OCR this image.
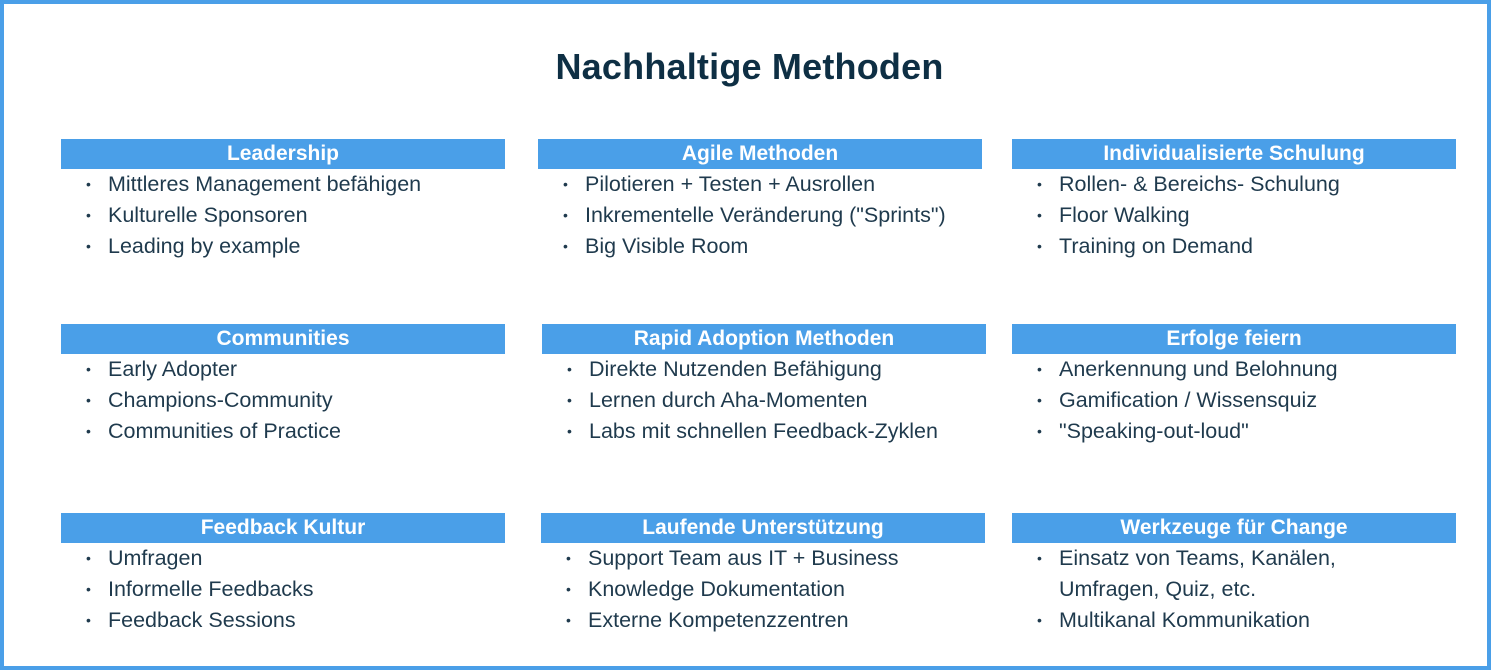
Nachhaltige Methoden
Leadership
• Mittleres Management befähigen
• Kulturelle Sponsoren
• Leading by example
Agile Methoden
• Pilotieren + Testen + Ausrollen
• Inkrementelle Veränderung ("Sprints")
• Big Visible Room
Individualisierte Schulung
• Rollen- & Bereichs- Schulung
• Floor Walking
• Training on Demand
Communities
• Early Adopter
• Champions-Community
• Communities of Practice
Rapid Adoption Methoden
• Direkte Nutzenden Befähigung
• Lernen durch Aha-Momenten
• Labs mit schnellen Feedback-Zyklen
Erfolge feiern
• Anerkennung und Belohnung
• Gamification / Wissensquiz
• "Speaking-out-loud"
Feedback Kultur
• Umfragen
• Informelle Feedbacks
• Feedback Sessions
Laufende Unterstützung
• Support Team aus IT + Business
• Knowledge Dokumentation
• Externe Kompetenzzentren
Werkzeuge für Change
• Einsatz von Teams, Kanälen, Umfragen, Quiz, etc.
• Multikanal Kommunikation
